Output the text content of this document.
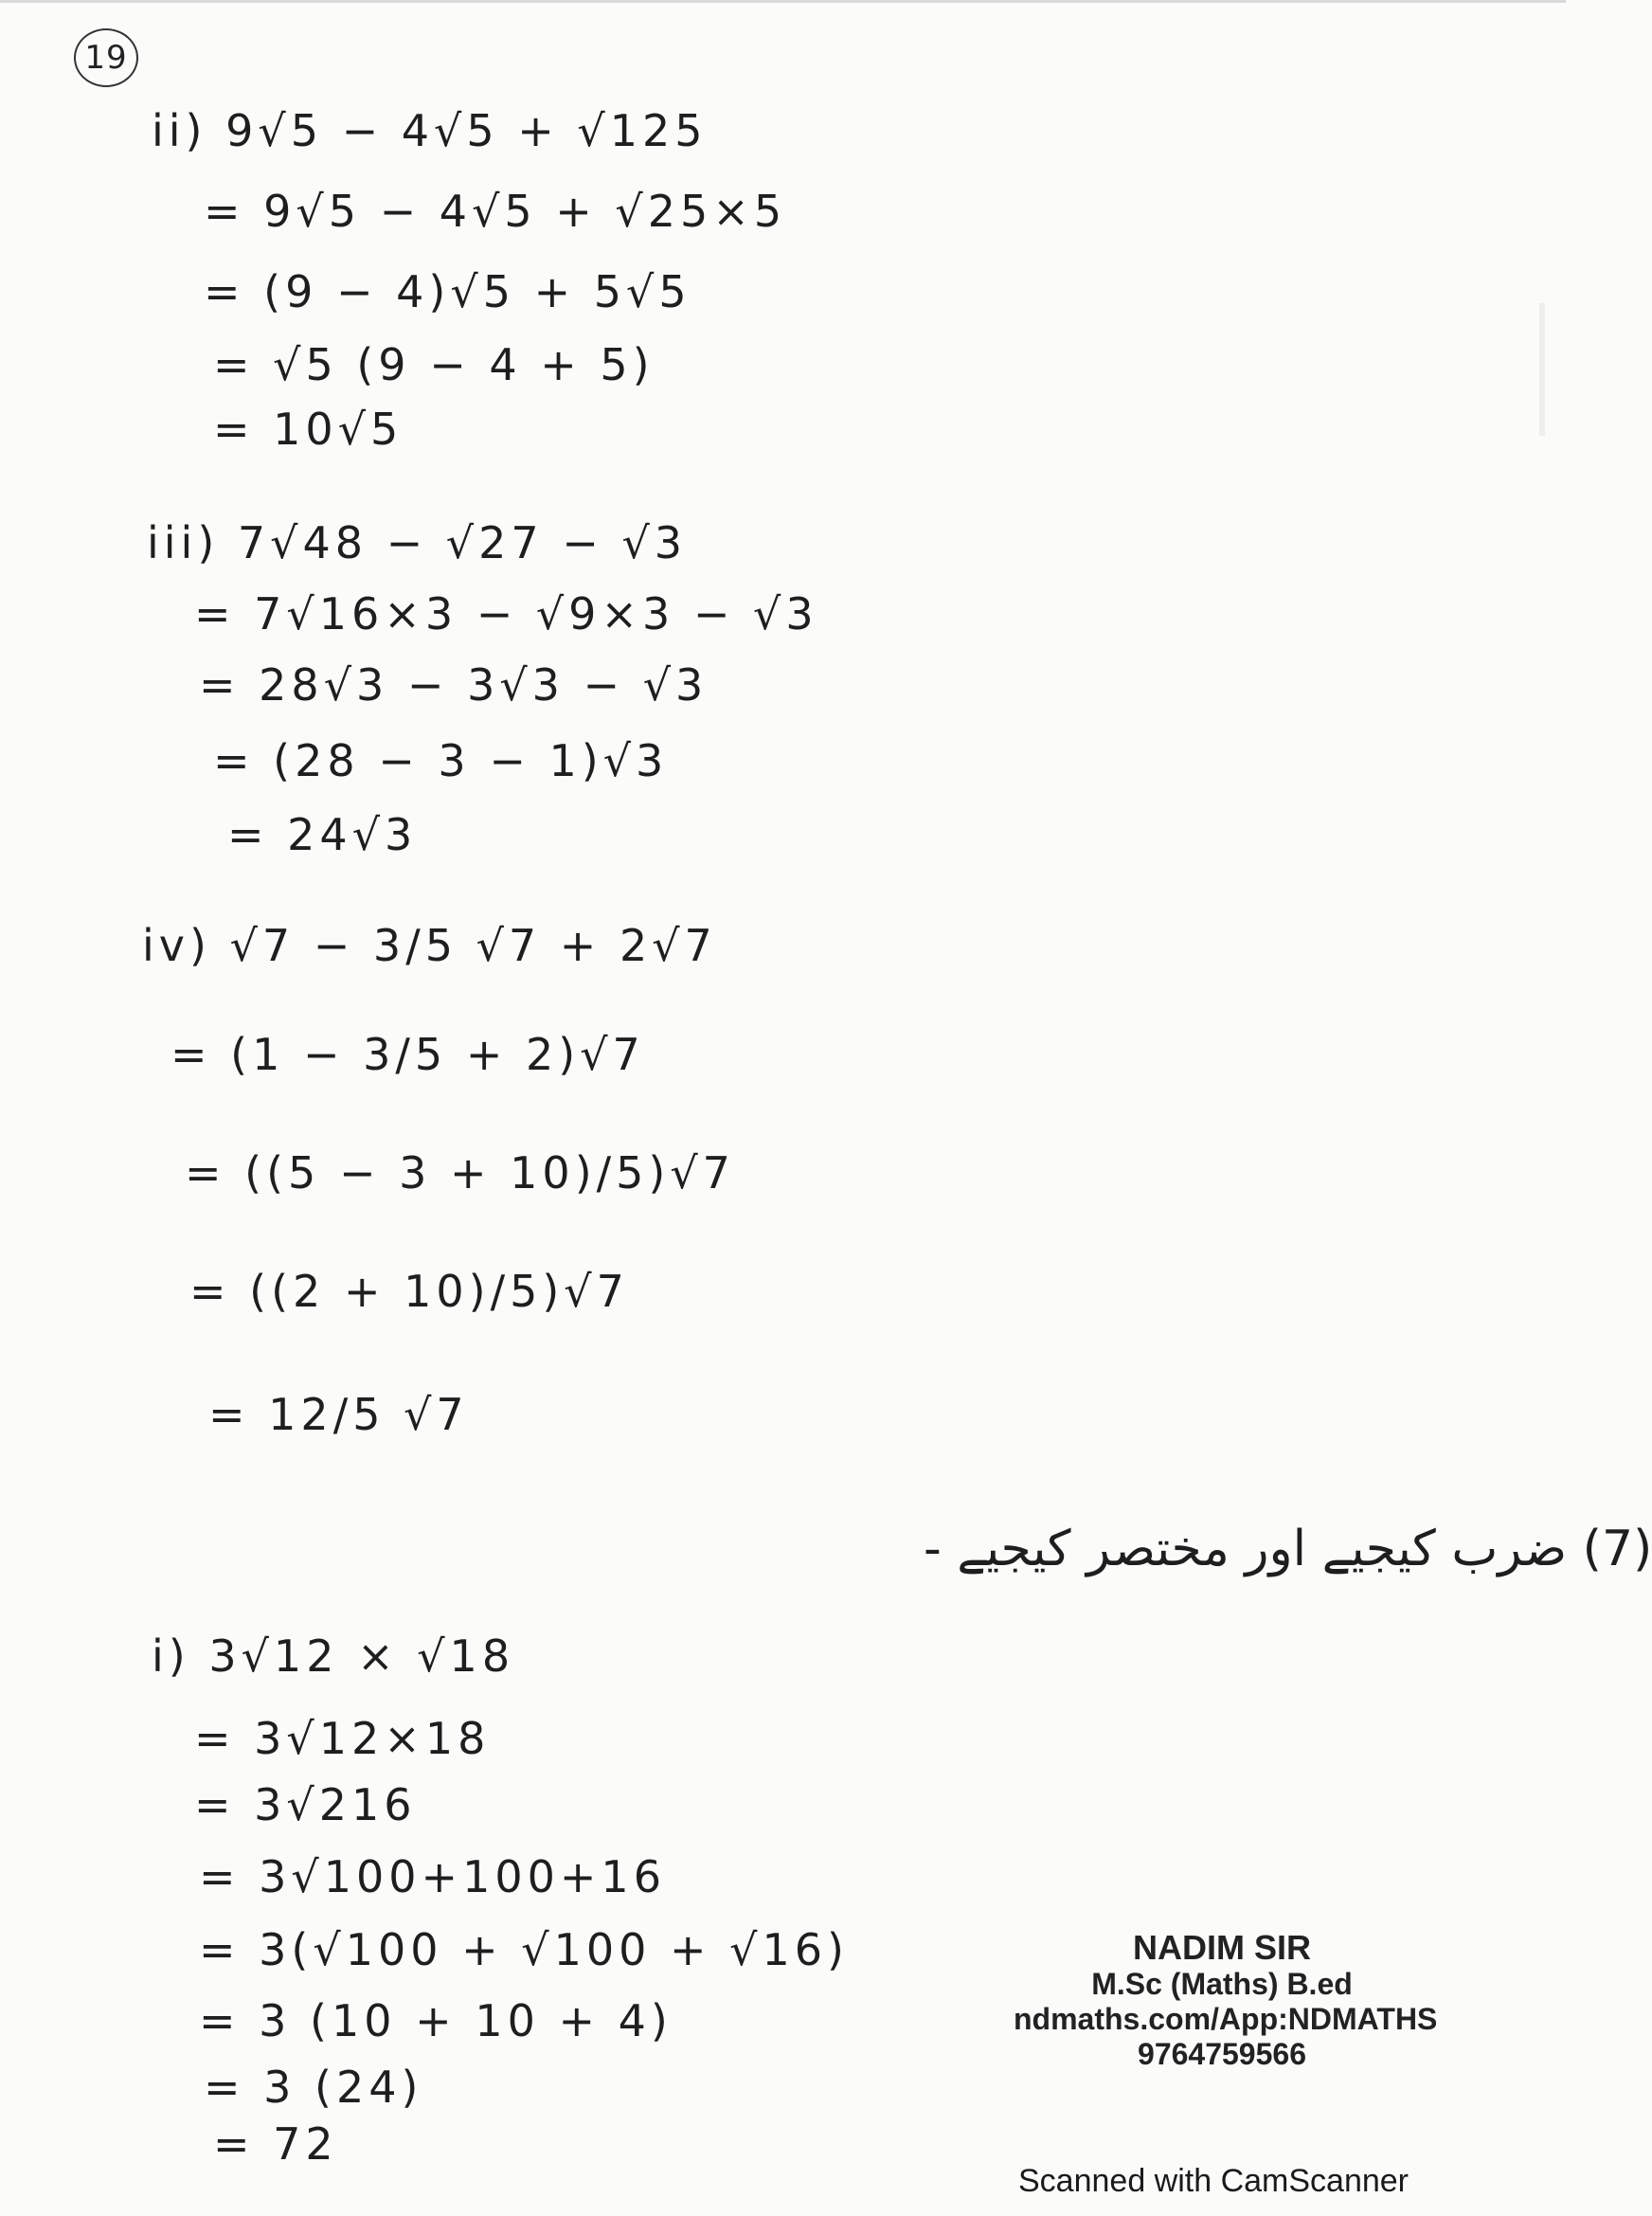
19
ii) 9√5 − 4√5 + √125
= 9√5 − 4√5 + √25×5
= (9 − 4)√5 + 5√5
= √5 (9 − 4 + 5)
= 10√5
iii) 7√48 − √27 − √3
= 7√16×3 − √9×3 − √3
= 28√3 − 3√3 − √3
= (28 − 3 − 1)√3
= 24√3
iv) √7 − 3/5 √7 + 2√7
= (1 − 3/5 + 2)√7
= ((5 − 3 + 10)/5)√7
= ((2 + 10)/5)√7
= 12/5 √7
(7) ضرب کیجیے اور مختصر کیجیے -
i) 3√12 × √18
= 3√12×18
= 3√216
= 3√100+100+16
= 3(√100 + √100 + √16)
= 3 (10 + 10 + 4)
= 3 (24)
= 72
NADIM SIR
M.Sc (Maths) B.ed
ndmaths.com/App:NDMATHS
9764759566
Scanned with CamScanner
